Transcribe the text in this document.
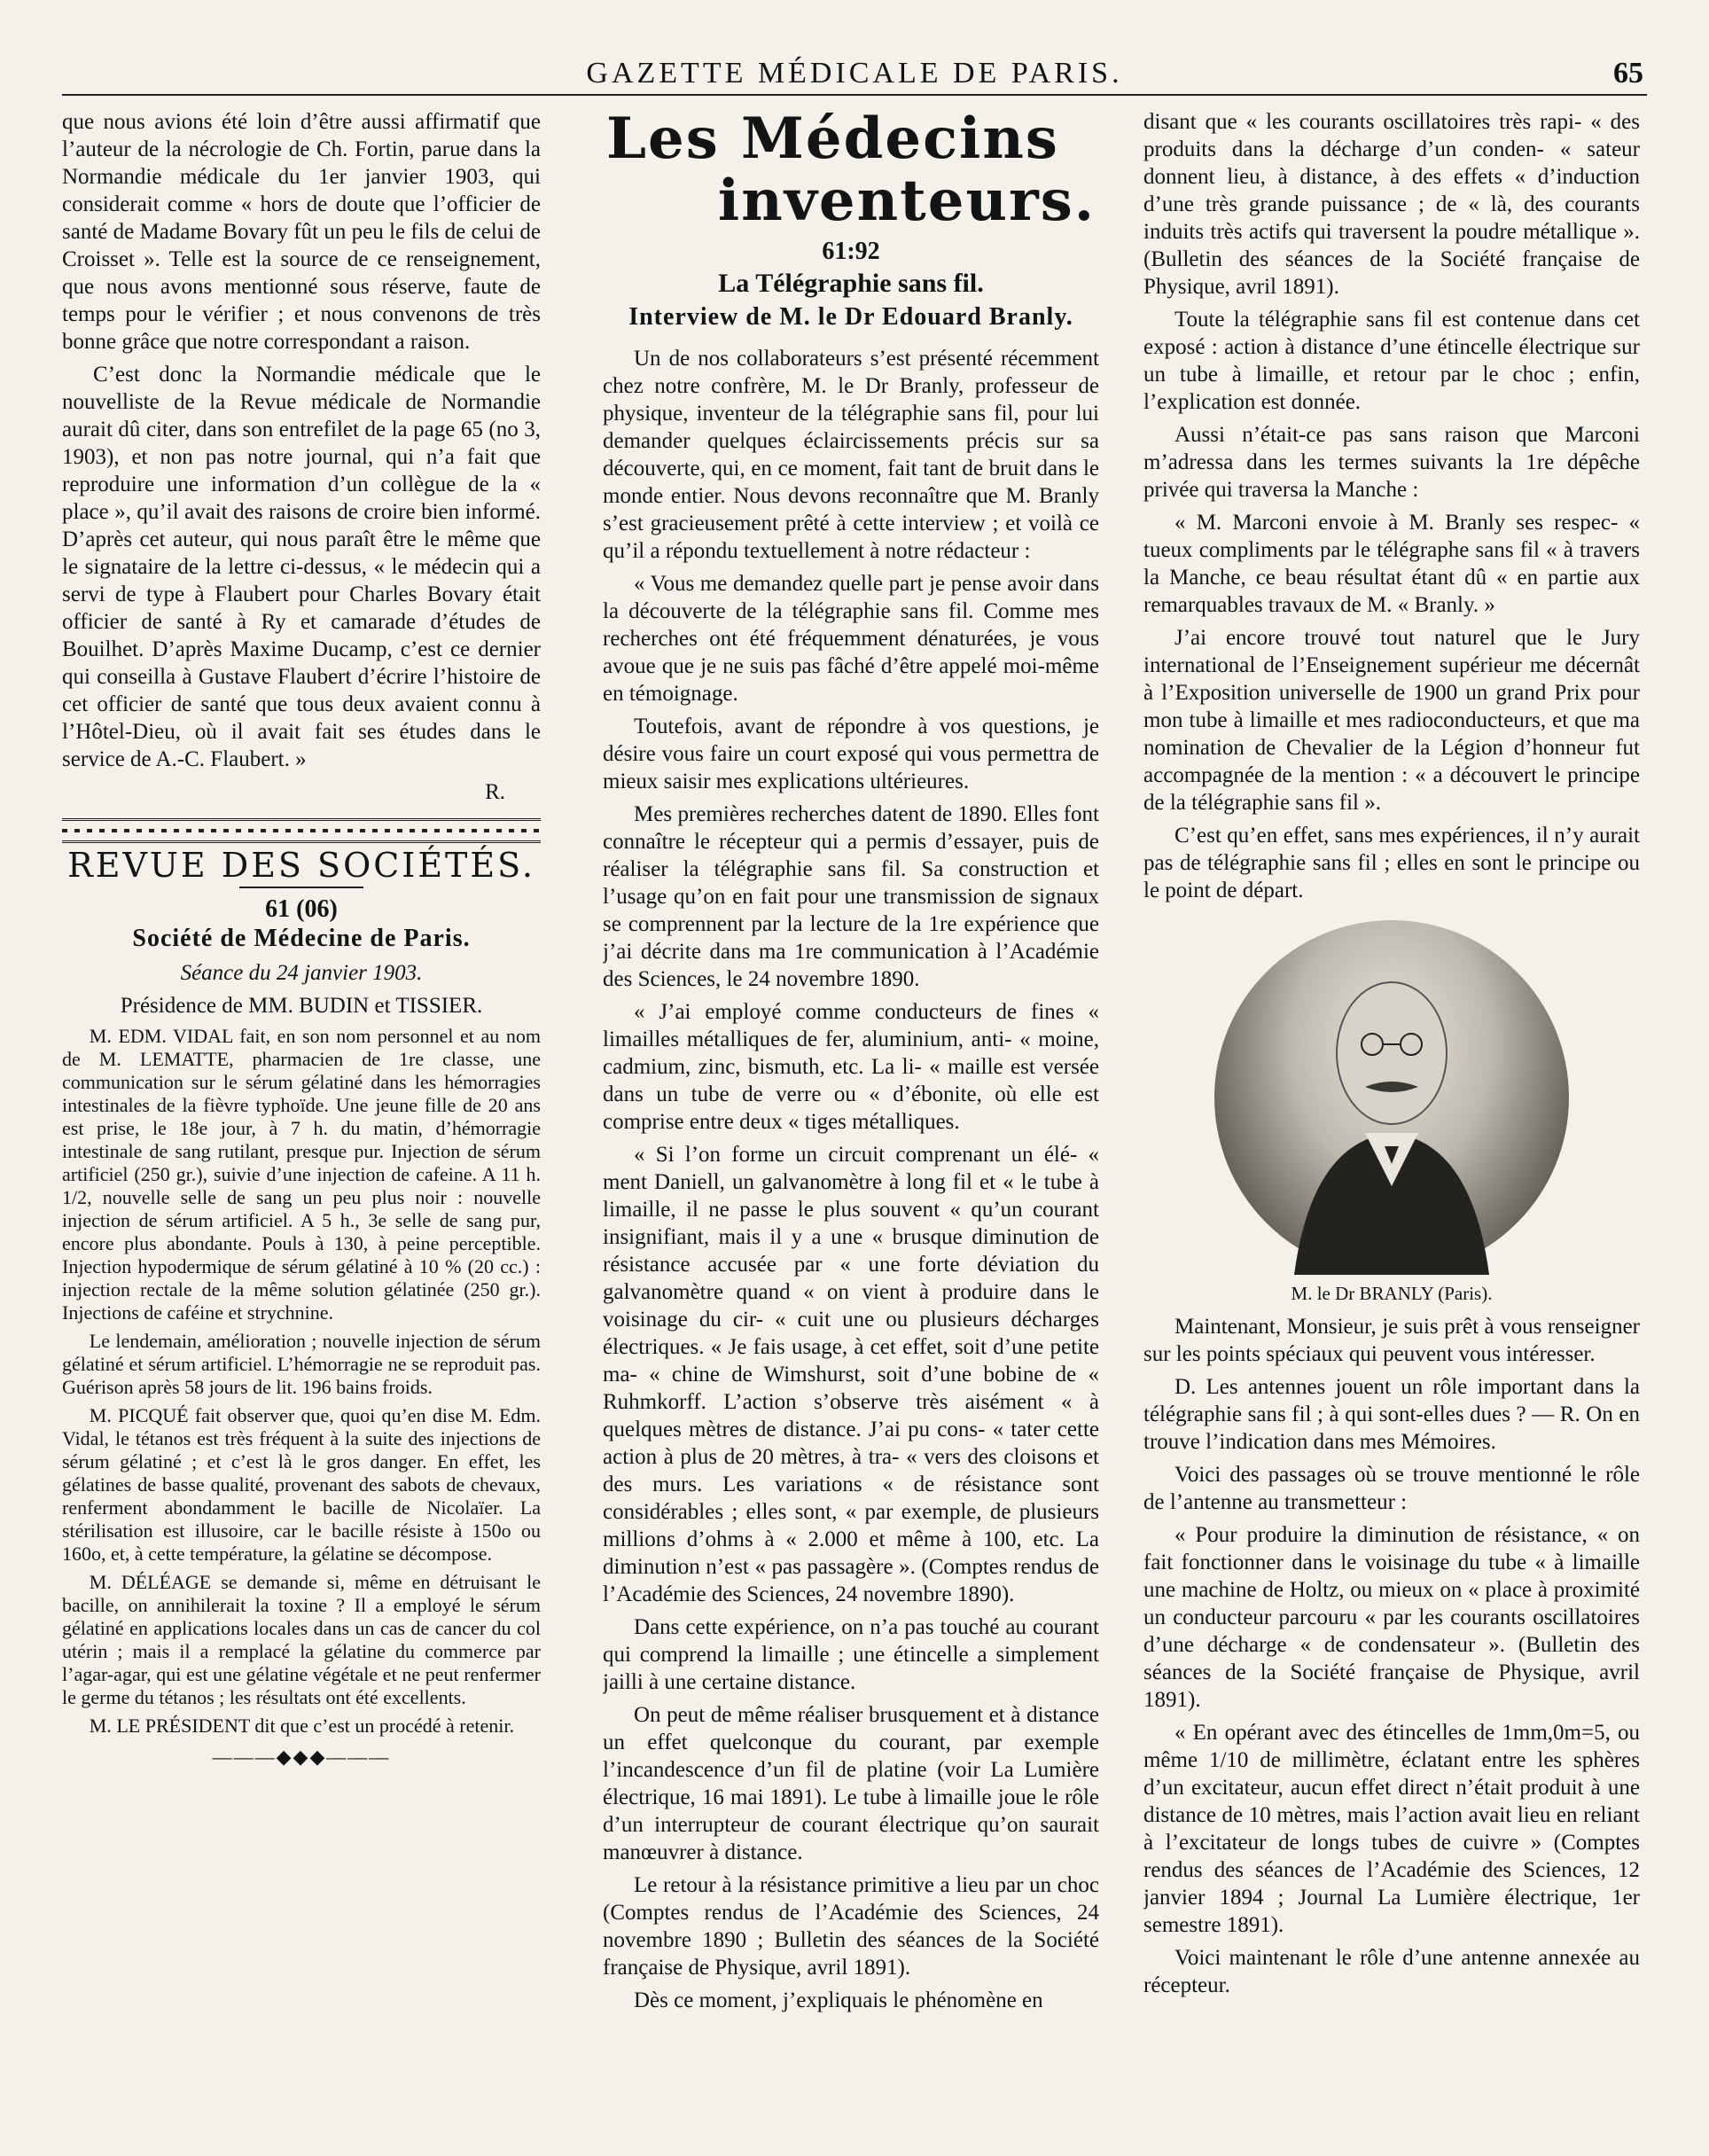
GAZETTE MÉDICALE DE PARIS.	65

que nous avions été loin d’être aussi affirmatif que l’auteur de la nécrologie de Ch. Fortin, parue dans la Normandie médicale du 1er janvier 1903, qui considerait comme « hors de doute que l’officier de santé de Madame Bovary fût un peu le fils de celui de Croisset ». Telle est la source de ce renseignement, que nous avons mentionné sous réserve, faute de temps pour le vérifier ; et nous convenons de très bonne grâce que notre correspondant a raison.

C’est donc la Normandie médicale que le nouvelliste de la Revue médicale de Normandie aurait dû citer, dans son entrefilet de la page 65 (no 3, 1903), et non pas notre journal, qui n’a fait que reproduire une information d’un collègue de la « place », qu’il avait des raisons de croire bien informé. D’après cet auteur, qui nous paraît être le même que le signataire de la lettre ci-dessus, « le médecin qui a servi de type à Flaubert pour Charles Bovary était officier de santé à Ry et camarade d’études de Bouilhet. D’après Maxime Ducamp, c’est ce dernier qui conseilla à Gustave Flaubert d’écrire l’histoire de cet officier de santé que tous deux avaient connu à l’Hôtel-Dieu, où il avait fait ses études dans le service de A.-C. Flaubert. »

R.
REVUE DES SOCIÉTÉS.
61 (06)
Société de Médecine de Paris.

Séance du 24 janvier 1903.

Présidence de MM. BUDIN et TISSIER.

M. EDM. VIDAL fait, en son nom personnel et au nom de M. LEMATTE, pharmacien de 1re classe, une communication sur le sérum gélatiné dans les hémorragies intestinales de la fièvre typhoïde. Une jeune fille de 20 ans est prise, le 18e jour, à 7 h. du matin, d’hémorragie intestinale de sang rutilant, presque pur. Injection de sérum artificiel (250 gr.), suivie d’une injection de cafeine. A 11 h. 1/2, nouvelle selle de sang un peu plus noir : nouvelle injection de sérum artificiel. A 5 h., 3e selle de sang pur, encore plus abondante. Pouls à 130, à peine perceptible. Injection hypodermique de sérum gélatiné à 10 % (20 cc.) : injection rectale de la même solution gélatinée (250 gr.). Injections de caféine et strychnine.

Le lendemain, amélioration ; nouvelle injection de sérum gélatiné et sérum artificiel. L’hémorragie ne se reproduit pas. Guérison après 58 jours de lit. 196 bains froids.

M. PICQUÉ fait observer que, quoi qu’en dise M. Edm. Vidal, le tétanos est très fréquent à la suite des injections de sérum gélatiné ; et c’est là le gros danger. En effet, les gélatines de basse qualité, provenant des sabots de chevaux, renferment abondamment le bacille de Nicolaïer. La stérilisation est illusoire, car le bacille résiste à 150o ou 160o, et, à cette température, la gélatine se décompose.

M. DÉLÉAGE se demande si, même en détruisant le bacille, on annihilerait la toxine ? Il a employé le sérum gélatiné en applications locales dans un cas de cancer du col utérin ; mais il a remplacé la gélatine du commerce par l’agar-agar, qui est une gélatine végétale et ne peut renfermer le germe du tétanos ; les résultats ont été excellents.

M. LE PRÉSIDENT dit que c’est un procédé à retenir.

———◆◆◆———
Les Médecins
inventeurs.
61:92
La Télégraphie sans fil.
Interview de M. le Dr Edouard Branly.

Un de nos collaborateurs s’est présenté récemment chez notre confrère, M. le Dr Branly, professeur de physique, inventeur de la télégraphie sans fil, pour lui demander quelques éclaircissements précis sur sa découverte, qui, en ce moment, fait tant de bruit dans le monde entier. Nous devons reconnaître que M. Branly s’est gracieusement prêté à cette interview ; et voilà ce qu’il a répondu textuellement à notre rédacteur :

« Vous me demandez quelle part je pense avoir dans la découverte de la télégraphie sans fil. Comme mes recherches ont été fréquemment dénaturées, je vous avoue que je ne suis pas fâché d’être appelé moi-même en témoignage.

Toutefois, avant de répondre à vos questions, je désire vous faire un court exposé qui vous permettra de mieux saisir mes explications ultérieures.

Mes premières recherches datent de 1890. Elles font connaître le récepteur qui a permis d’essayer, puis de réaliser la télégraphie sans fil. Sa construction et l’usage qu’on en fait pour une transmission de signaux se comprennent par la lecture de la 1re expérience que j’ai décrite dans ma 1re communication à l’Académie des Sciences, le 24 novembre 1890.

« J’ai employé comme conducteurs de fines « limailles métalliques de fer, aluminium, anti- « moine, cadmium, zinc, bismuth, etc. La li- « maille est versée dans un tube de verre ou « d’ébonite, où elle est comprise entre deux « tiges métalliques.

« Si l’on forme un circuit comprenant un élé- « ment Daniell, un galvanomètre à long fil et « le tube à limaille, il ne passe le plus souvent « qu’un courant insignifiant, mais il y a une « brusque diminution de résistance accusée par « une forte déviation du galvanomètre quand « on vient à produire dans le voisinage du cir- « cuit une ou plusieurs décharges électriques. « Je fais usage, à cet effet, soit d’une petite ma- « chine de Wimshurst, soit d’une bobine de « Ruhmkorff. L’action s’observe très aisément « à quelques mètres de distance. J’ai pu cons- « tater cette action à plus de 20 mètres, à tra- « vers des cloisons et des murs. Les variations « de résistance sont considérables ; elles sont, « par exemple, de plusieurs millions d’ohms à « 2.000 et même à 100, etc. La diminution n’est « pas passagère ». (Comptes rendus de l’Académie des Sciences, 24 novembre 1890).

Dans cette expérience, on n’a pas touché au courant qui comprend la limaille ; une étincelle a simplement jailli à une certaine distance.

On peut de même réaliser brusquement et à distance un effet quelconque du courant, par exemple l’incandescence d’un fil de platine (voir La Lumière électrique, 16 mai 1891). Le tube à limaille joue le rôle d’un interrupteur de courant électrique qu’on saurait manœuvrer à distance.

Le retour à la résistance primitive a lieu par un choc (Comptes rendus de l’Académie des Sciences, 24 novembre 1890 ; Bulletin des séances de la Société française de Physique, avril 1891).

Dès ce moment, j’expliquais le phénomène en

disant que « les courants oscillatoires très rapi- « des produits dans la décharge d’un conden- « sateur donnent lieu, à distance, à des effets « d’induction d’une très grande puissance ; de « là, des courants induits très actifs qui traversent la poudre métallique ». (Bulletin des séances de la Société française de Physique, avril 1891).

Toute la télégraphie sans fil est contenue dans cet exposé : action à distance d’une étincelle électrique sur un tube à limaille, et retour par le choc ; enfin, l’explication est donnée.

Aussi n’était-ce pas sans raison que Marconi m’adressa dans les termes suivants la 1re dépêche privée qui traversa la Manche :

« M. Marconi envoie à M. Branly ses respec- « tueux compliments par le télégraphe sans fil « à travers la Manche, ce beau résultat étant dû « en partie aux remarquables travaux de M. « Branly. »

J’ai encore trouvé tout naturel que le Jury international de l’Enseignement supérieur me décernât à l’Exposition universelle de 1900 un grand Prix pour mon tube à limaille et mes radioconducteurs, et que ma nomination de Chevalier de la Légion d’honneur fut accompagnée de la mention : « a découvert le principe de la télégraphie sans fil ».

C’est qu’en effet, sans mes expériences, il n’y aurait pas de télégraphie sans fil ; elles en sont le principe ou le point de départ.

M. le Dr BRANLY (Paris).

Maintenant, Monsieur, je suis prêt à vous renseigner sur les points spéciaux qui peuvent vous intéresser.

D. Les antennes jouent un rôle important dans la télégraphie sans fil ; à qui sont-elles dues ? — R. On en trouve l’indication dans mes Mémoires.

Voici des passages où se trouve mentionné le rôle de l’antenne au transmetteur :

« Pour produire la diminution de résistance, « on fait fonctionner dans le voisinage du tube « à limaille une machine de Holtz, ou mieux on « place à proximité un conducteur parcouru « par les courants oscillatoires d’une décharge « de condensateur ». (Bulletin des séances de la Société française de Physique, avril 1891).

« En opérant avec des étincelles de 1mm,0m=5, ou même 1/10 de millimètre, éclatant entre les sphères d’un excitateur, aucun effet direct n’était produit à une distance de 10 mètres, mais l’action avait lieu en reliant à l’excitateur de longs tubes de cuivre » (Comptes rendus des séances de l’Académie des Sciences, 12 janvier 1894 ; Journal La Lumière électrique, 1er semestre 1891).

Voici maintenant le rôle d’une antenne annexée au récepteur.
